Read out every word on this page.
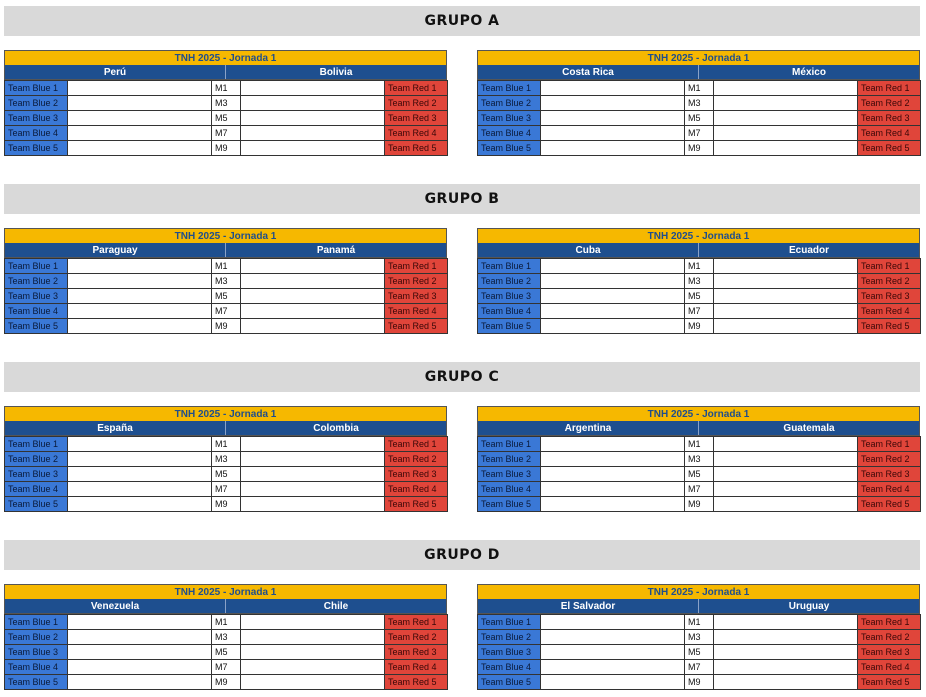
GRUPO A
TNH 2025 - Jornada 1
Perú	Bolivia
Team Blue 1		M1		Team Red 1
Team Blue 2		M3		Team Red 2
Team Blue 3		M5		Team Red 3
Team Blue 4		M7		Team Red 4
Team Blue 5		M9		Team Red 5
TNH 2025 - Jornada 1
Costa Rica	México
Team Blue 1		M1		Team Red 1
Team Blue 2		M3		Team Red 2
Team Blue 3		M5		Team Red 3
Team Blue 4		M7		Team Red 4
Team Blue 5		M9		Team Red 5
GRUPO B
TNH 2025 - Jornada 1
Paraguay	Panamá
Team Blue 1		M1		Team Red 1
Team Blue 2		M3		Team Red 2
Team Blue 3		M5		Team Red 3
Team Blue 4		M7		Team Red 4
Team Blue 5		M9		Team Red 5
TNH 2025 - Jornada 1
Cuba	Ecuador
Team Blue 1		M1		Team Red 1
Team Blue 2		M3		Team Red 2
Team Blue 3		M5		Team Red 3
Team Blue 4		M7		Team Red 4
Team Blue 5		M9		Team Red 5
GRUPO C
TNH 2025 - Jornada 1
España	Colombia
Team Blue 1		M1		Team Red 1
Team Blue 2		M3		Team Red 2
Team Blue 3		M5		Team Red 3
Team Blue 4		M7		Team Red 4
Team Blue 5		M9		Team Red 5
TNH 2025 - Jornada 1
Argentina	Guatemala
Team Blue 1		M1		Team Red 1
Team Blue 2		M3		Team Red 2
Team Blue 3		M5		Team Red 3
Team Blue 4		M7		Team Red 4
Team Blue 5		M9		Team Red 5
GRUPO D
TNH 2025 - Jornada 1
Venezuela	Chile
Team Blue 1		M1		Team Red 1
Team Blue 2		M3		Team Red 2
Team Blue 3		M5		Team Red 3
Team Blue 4		M7		Team Red 4
Team Blue 5		M9		Team Red 5
TNH 2025 - Jornada 1
El Salvador	Uruguay
Team Blue 1		M1		Team Red 1
Team Blue 2		M3		Team Red 2
Team Blue 3		M5		Team Red 3
Team Blue 4		M7		Team Red 4
Team Blue 5		M9		Team Red 5
